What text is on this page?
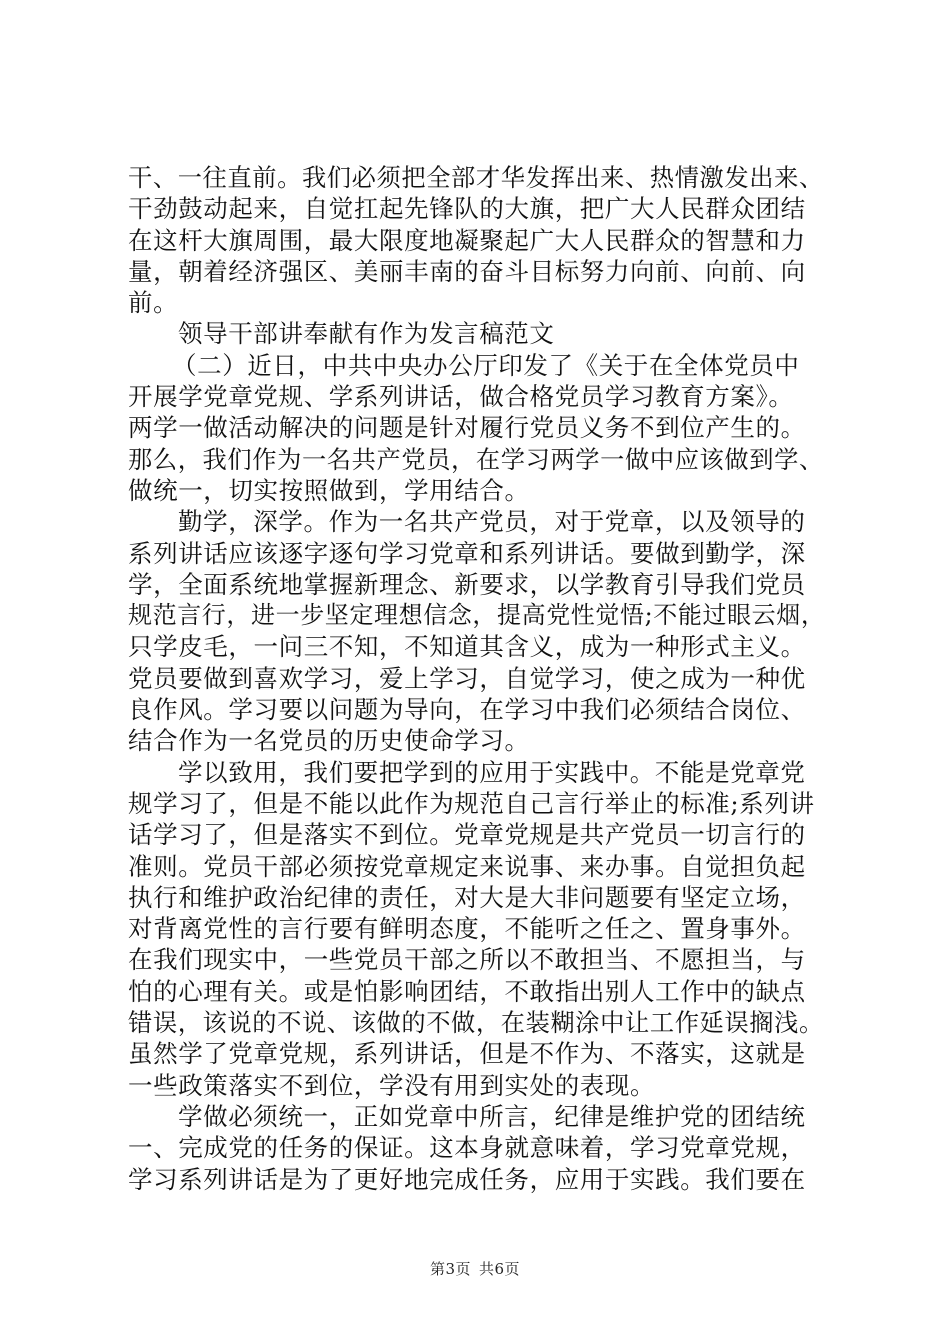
干、一往直前。我们必须把全部才华发挥出来、热情激发出来、
干劲鼓动起来，自觉扛起先锋队的大旗，把广大人民群众团结
在这杆大旗周围，最大限度地凝聚起广大人民群众的智慧和力
量，朝着经济强区、美丽丰南的奋斗目标努力向前、向前、向
前。
领导干部讲奉献有作为发言稿范文
（二）近日，中共中央办公厅印发了《关于在全体党员中
开展学党章党规、学系列讲话，做合格党员学习教育方案》。
两学一做活动解决的问题是针对履行党员义务不到位产生的。
那么，我们作为一名共产党员，在学习两学一做中应该做到学、
做统一，切实按照做到，学用结合。
勤学，深学。作为一名共产党员，对于党章，以及领导的
系列讲话应该逐字逐句学习党章和系列讲话。要做到勤学，深
学，全面系统地掌握新理念、新要求，以学教育引导我们党员
规范言行，进一步坚定理想信念，提高党性觉悟;不能过眼云烟，
只学皮毛，一问三不知，不知道其含义，成为一种形式主义。
党员要做到喜欢学习，爱上学习，自觉学习，使之成为一种优
良作风。学习要以问题为导向，在学习中我们必须结合岗位、
结合作为一名党员的历史使命学习。
学以致用，我们要把学到的应用于实践中。不能是党章党
规学习了，但是不能以此作为规范自己言行举止的标准;系列讲
话学习了，但是落实不到位。党章党规是共产党员一切言行的
准则。党员干部必须按党章规定来说事、来办事。自觉担负起
执行和维护政治纪律的责任，对大是大非问题要有坚定立场，
对背离党性的言行要有鲜明态度，不能听之任之、置身事外。
在我们现实中，一些党员干部之所以不敢担当、不愿担当，与
怕的心理有关。或是怕影响团结，不敢指出别人工作中的缺点
错误，该说的不说、该做的不做，在装糊涂中让工作延误搁浅。
虽然学了党章党规，系列讲话，但是不作为、不落实，这就是
一些政策落实不到位，学没有用到实处的表现。
学做必须统一，正如党章中所言，纪律是维护党的团结统
一、完成党的任务的保证。这本身就意味着，学习党章党规，
学习系列讲话是为了更好地完成任务，应用于实践。我们要在
第3页 共6页
